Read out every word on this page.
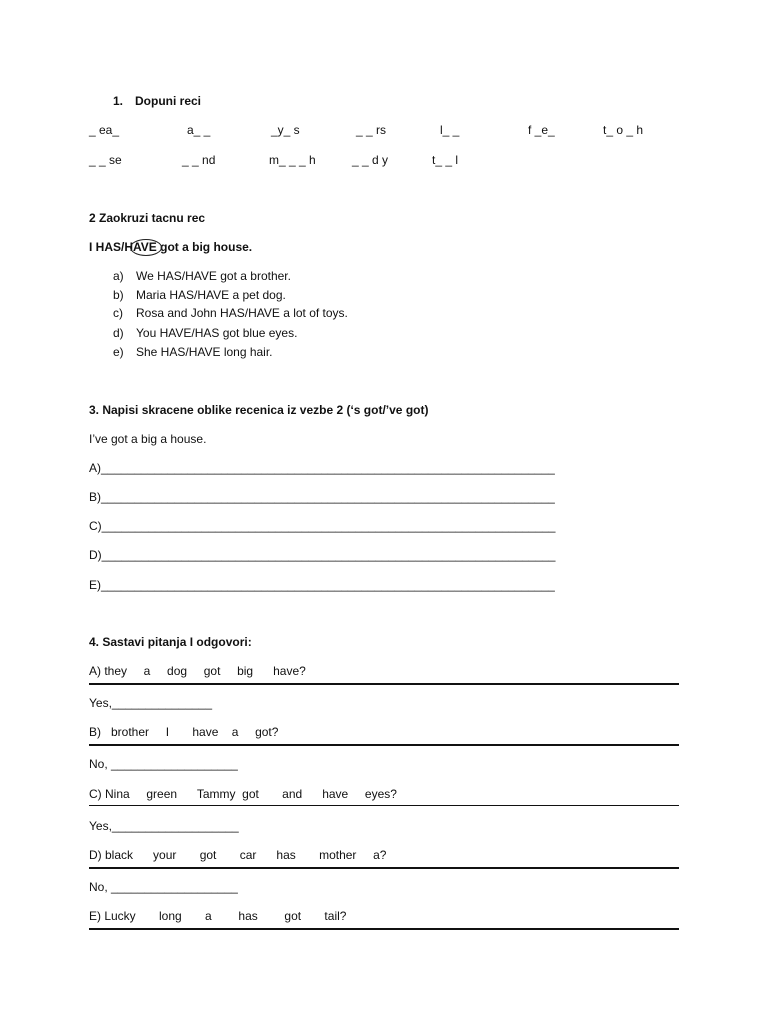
1. Dopuni reci
_ ea_	a_ _	_y_ s	_ _ rs	l_ _	f _e_	t_ o _ h
_ _ se	_ _ nd	m_ _ _ h	_ _ d y	t_ _ l
2 Zaokruzi tacnu rec
I HAS/HAVE got a big house.
a) We HAS/HAVE got a brother.
b) Maria HAS/HAVE a pet dog.
c) Rosa and John HAS/HAVE a lot of toys.
d) You HAVE/HAS got blue eyes.
e) She HAS/HAVE long hair.
3. Napisi skracene oblike recenica iz vezbe 2 (‘s got/’ve got)
I’ve got a big a house.
A)____________________________________________________________________
B)____________________________________________________________________
C)____________________________________________________________________
D)____________________________________________________________________
E)____________________________________________________________________
4. Sastavi pitanja I odgovori:
A) they     a     dog     got     big      have?
Yes,_______________
B)   brother     I       have    a     got?
No, ___________________
C) Nina     green      Tammy  got       and      have     eyes?
Yes,___________________
D) black      your       got       car      has       mother     a?
No, ___________________
E) Lucky       long       a        has        got       tail?
